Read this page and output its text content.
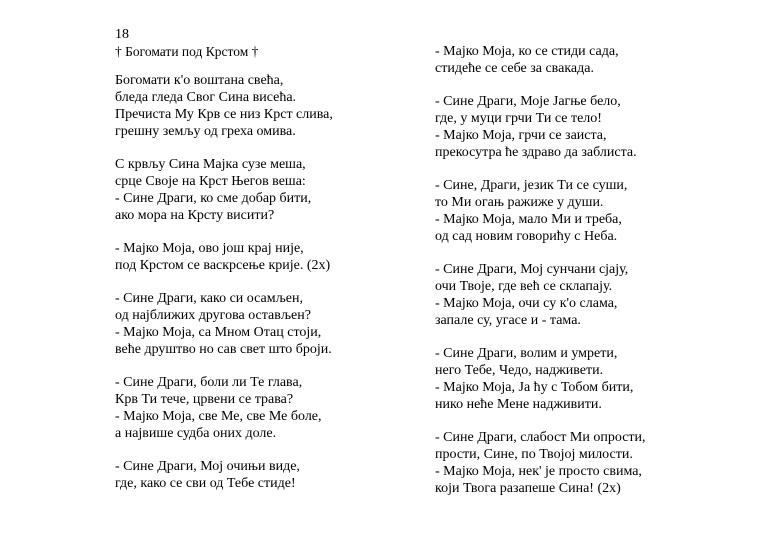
18
† Богомати под Крстом †
Богомати к'о воштана свећа,
бледа гледа Свог Сина висећа.
Пречиста Му Крв се низ Крст слива,
грешну земљу од греха омива.
С крвљу Сина Мајка сузе меша,
срце Своје на Крст Његов веша:
- Сине Драги, ко сме добар бити,
ако мора на Крсту висити?
- Мајко Моја, ово још крај није,
под Крстом се васкрсење крије. (2х)
- Сине Драги, како си осамљен,
од најближих другова остављен?
- Мајко Моја, са Мном Отац стоји,
веће друштво но сав свет што броји.
- Сине Драги, боли ли Те глава,
Крв Ти тече, црвени се трава?
- Мајко Моја, све Ме, све Ме боле,
а највише судба оних доле.
- Сине Драги, Мој очињи виде,
где, како се сви од Тебе стиде!
- Мајко Моја, ко се стиди сада,
стидеће се себе за свакада.
- Сине Драги, Моје Јагње бело,
где, у муци грчи Ти се тело!
- Мајко Моја, грчи се заиста,
прекосутра ће здраво да заблиста.
- Сине, Драги, језик Ти се суши,
то Ми огањ ражиже у души.
- Мајко Моја, мало Ми и треба,
од сад новим говорићу с Неба.
- Сине Драги, Мој сунчани сјају,
очи Твоје, где већ се склапају.
- Мајко Моја, очи су к'о слама,
запале су, угасе и - тама.
- Сине Драги, волим и умрети,
него Тебе, Чедо, надживети.
- Мајко Моја, Ја ћу с Тобом бити,
нико неће Мене надживити.
- Сине Драги, слабост Ми опрости,
прости, Сине, по Твојој милости.
- Мајко Моја, нек' је просто свима,
који Твога разапеше Сина! (2х)
